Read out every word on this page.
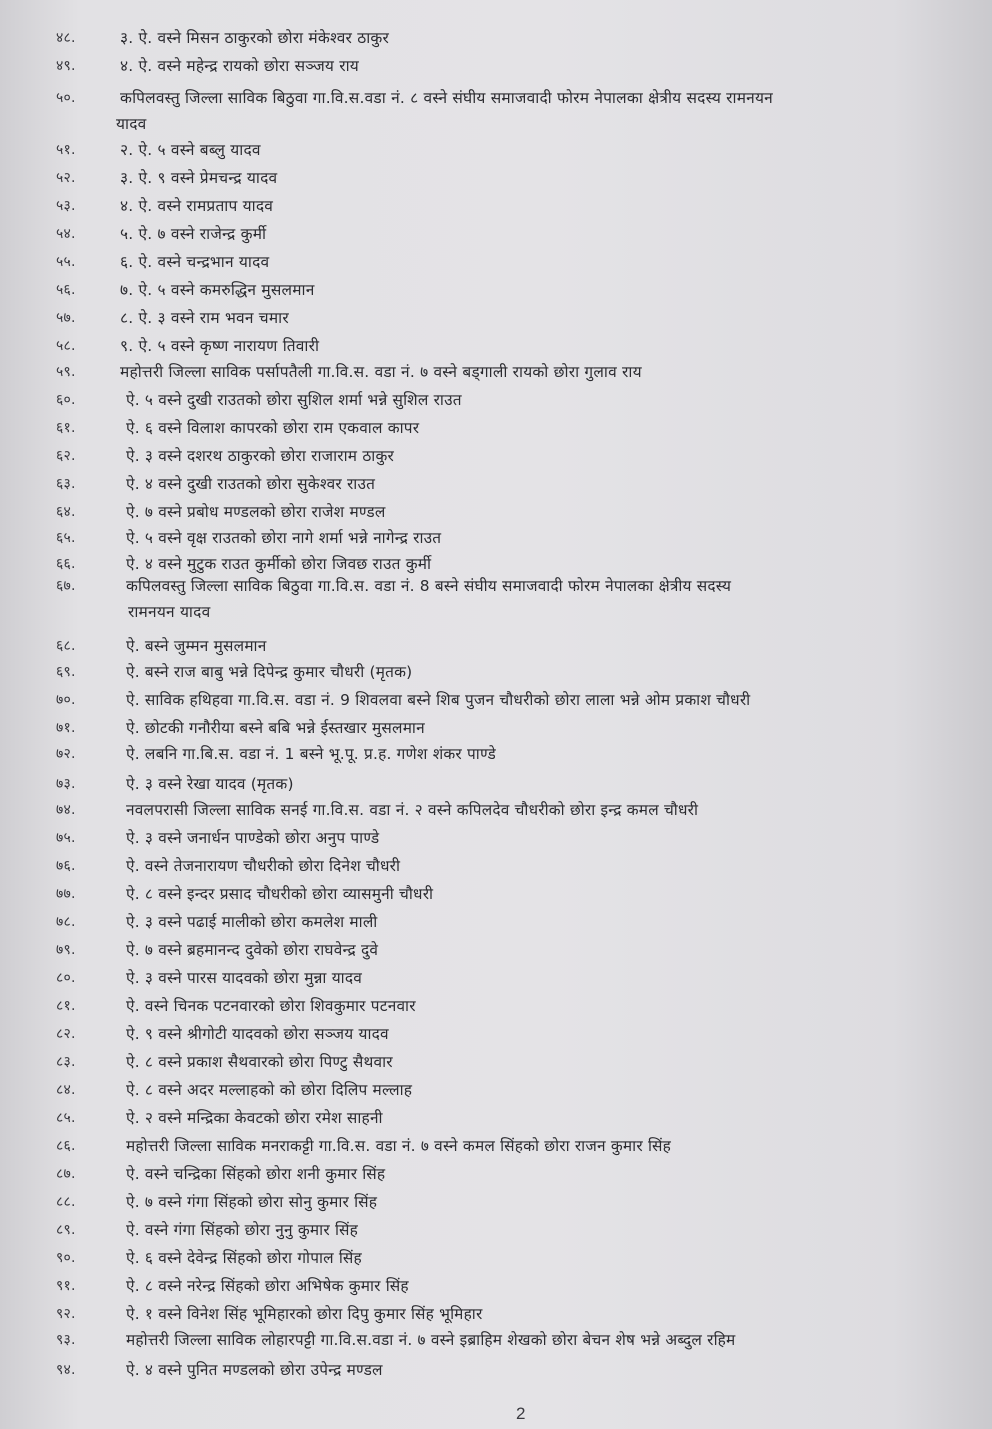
४८.	३. ऐ. वस्ने मिसन ठाकुरको छोरा मंकेश्वर ठाकुर
४९.	४. ऐ. वस्ने महेन्द्र रायको छोरा सञ्जय राय
५०.	कपिलवस्तु जिल्ला साविक बिठुवा गा.वि.स.वडा नं. ८ वस्ने संघीय समाजवादी फोरम नेपालका क्षेत्रीय सदस्य रामनयन
यादव
५१.	२. ऐ. ५ वस्ने बब्लु यादव
५२.	३. ऐ. ९ वस्ने प्रेमचन्द्र यादव
५३.	४. ऐ. वस्ने रामप्रताप यादव
५४.	५. ऐ. ७ वस्ने राजेन्द्र कुर्मी
५५.	६. ऐ. वस्ने चन्द्रभान यादव
५६.	७. ऐ. ५ वस्ने कमरुद्धिन मुसलमान
५७.	८. ऐ. ३ वस्ने राम भवन चमार
५८.	९. ऐ. ५ वस्ने कृष्ण नारायण तिवारी
५९.	महोत्तरी जिल्ला साविक पर्सापतैली गा.वि.स. वडा नं. ७ वस्ने बड्गाली रायको छोरा गुलाव राय
६०.	ऐ. ५ वस्ने दुखी राउतको छोरा सुशिल शर्मा भन्ने सुशिल राउत
६१.	ऐ. ६ वस्ने विलाश कापरको छोरा राम एकवाल कापर
६२.	ऐ. ३ वस्ने दशरथ ठाकुरको छोरा राजाराम ठाकुर
६३.	ऐ. ४ वस्ने दुखी राउतको छोरा सुकेश्वर राउत
६४.	ऐ. ७ वस्ने प्रबोध मण्डलको छोरा राजेश मण्डल
६५.	ऐ. ५ वस्ने वृक्ष राउतको छोरा नागे शर्मा भन्ने नागेन्द्र राउत
६६.	ऐ. ४ वस्ने मुटुक राउत कुर्मीको छोरा जिवछ राउत कुर्मी
६७.	कपिलवस्तु जिल्ला साविक बिठुवा गा.वि.स. वडा नं. 8 बस्ने संघीय समाजवादी फोरम नेपालका क्षेत्रीय सदस्य
रामनयन यादव
६८.	ऐ. बस्ने जुम्मन मुसलमान
६९.	ऐ. बस्ने राज बाबु भन्ने दिपेन्द्र कुमार चौधरी (मृतक)
७०.	ऐ. साविक हथिहवा गा.वि.स. वडा नं. 9 शिवलवा बस्ने शिब पुजन चौधरीको छोरा लाला भन्ने ओम प्रकाश चौधरी
७१.	ऐ. छोटकी गनौरीया बस्ने बबि भन्ने ईस्तखार मुसलमान
७२.	ऐ. लबनि गा.बि.स. वडा नं. 1 बस्ने भू.पू. प्र.ह. गणेश शंकर पाण्डे
७३.	ऐ. ३ वस्ने रेखा यादव (मृतक)
७४.	नवलपरासी जिल्ला साविक सनई गा.वि.स. वडा नं. २ वस्ने कपिलदेव चौधरीको छोरा इन्द्र कमल चौधरी
७५.	ऐ. ३ वस्ने जनार्धन पाण्डेको छोरा अनुप पाण्डे
७६.	ऐ. वस्ने तेजनारायण चौधरीको छोरा दिनेश चौधरी
७७.	ऐ. ८ वस्ने इन्दर प्रसाद चौधरीको छोरा व्यासमुनी चौधरी
७८.	ऐ. ३ वस्ने पढाई मालीको छोरा कमलेश माली
७९.	ऐ. ७ वस्ने ब्रहमानन्द दुवेको छोरा राघवेन्द्र दुवे
८०.	ऐ. ३ वस्ने पारस यादवको छोरा मुन्ना यादव
८१.	ऐ. वस्ने चिनक पटनवारको छोरा शिवकुमार पटनवार
८२.	ऐ. ९ वस्ने श्रीगोटी यादवको छोरा सञ्जय यादव
८३.	ऐ. ८ वस्ने प्रकाश सैथवारको छोरा पिण्टु सैथवार
८४.	ऐ. ८ वस्ने अदर मल्लाहको को छोरा दिलिप मल्लाह
८५.	ऐ. २ वस्ने मन्द्रिका केवटको छोरा रमेश साहनी
८६.	महोत्तरी जिल्ला साविक मनराकट्टी गा.वि.स. वडा नं. ७ वस्ने कमल सिंहको छोरा राजन कुमार सिंह
८७.	ऐ. वस्ने चन्द्रिका सिंहको छोरा शनी कुमार सिंह
८८.	ऐ. ७ वस्ने गंगा सिंहको छोरा सोनु कुमार सिंह
८९.	ऐ. वस्ने गंगा सिंहको छोरा नुनु कुमार सिंह
९०.	ऐ. ६ वस्ने देवेन्द्र सिंहको छोरा गोपाल सिंह
९१.	ऐ. ८ वस्ने नरेन्द्र सिंहको छोरा अभिषेक कुमार सिंह
९२.	ऐ. १ वस्ने विनेश सिंह भूमिहारको छोरा दिपु कुमार सिंह भूमिहार
९३.	महोत्तरी जिल्ला साविक लोहारपट्टी गा.वि.स.वडा नं. ७ वस्ने इब्राहिम शेखको छोरा बेचन शेष भन्ने अब्दुल रहिम
९४.	ऐ. ४ वस्ने पुनित मण्डलको छोरा उपेन्द्र मण्डल
2
